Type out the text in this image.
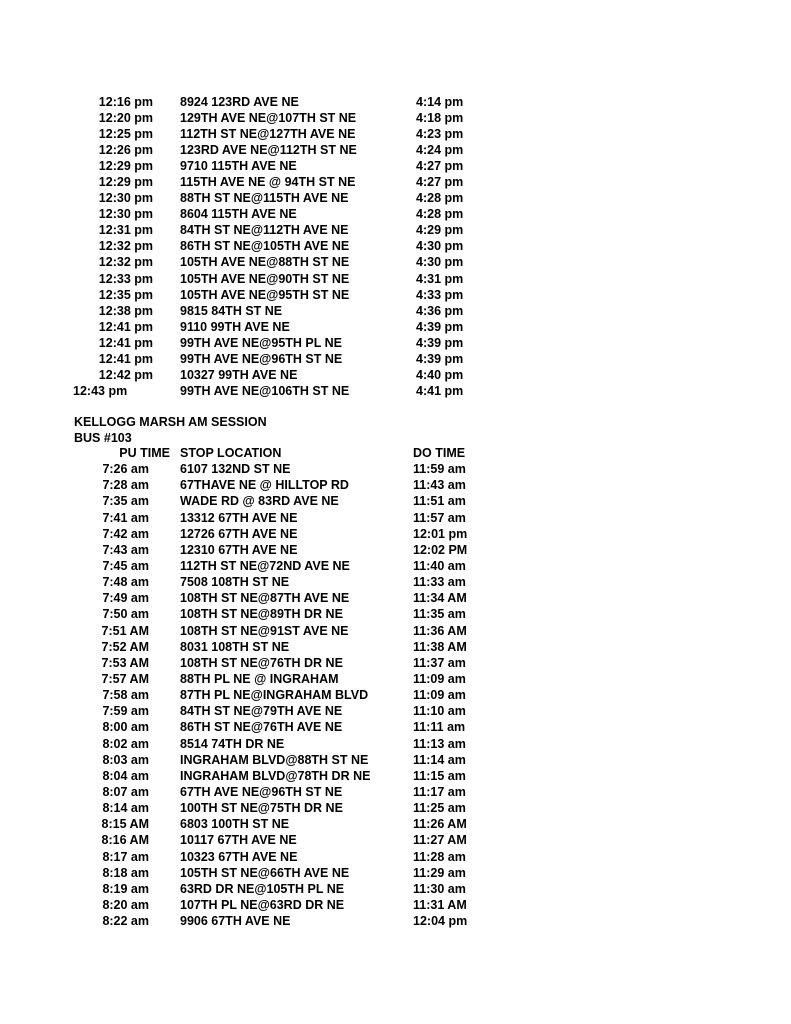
12:16 pm 8924 123RD AVE NE	4:14 pm
12:20 pm 129TH AVE NE@107TH ST NE	4:18 pm
12:25 pm 112TH ST NE@127TH AVE NE	4:23 pm
12:26 pm 123RD AVE NE@112TH ST NE	4:24 pm
12:29 pm 9710 115TH AVE NE	4:27 pm
12:29 pm 115TH AVE NE @ 94TH ST NE	4:27 pm
12:30 pm 88TH ST NE@115TH AVE NE	4:28 pm
12:30 pm 8604 115TH AVE NE	4:28 pm
12:31 pm 84TH ST NE@112TH AVE NE	4:29 pm
12:32 pm 86TH ST NE@105TH AVE NE	4:30 pm
12:32 pm 105TH AVE NE@88TH ST NE	4:30 pm
12:33 pm 105TH AVE NE@90TH ST NE	4:31 pm
12:35 pm 105TH AVE NE@95TH ST NE	4:33 pm
12:38 pm 9815 84TH ST NE	4:36 pm
12:41 pm 9110 99TH AVE NE	4:39 pm
12:41 pm 99TH AVE NE@95TH PL NE	4:39 pm
12:41 pm 99TH AVE NE@96TH ST NE	4:39 pm
12:42 pm 10327 99TH AVE NE	4:40 pm
12:43 pm	99TH AVE NE@106TH ST NE	4:41 pm
KELLOGG MARSH AM SESSION
BUS #103
PU TIME STOP LOCATION	DO TIME
7:26 am 6107 132ND ST NE	11:59 am
7:28 am 67THAVE NE @ HILLTOP RD	11:43 am
7:35 am WADE RD @ 83RD AVE NE	11:51 am
7:41 am 13312 67TH AVE NE	11:57 am
7:42 am 12726 67TH AVE NE	12:01 pm
7:43 am 12310 67TH AVE NE	12:02 PM
7:45 am 112TH ST NE@72ND AVE NE	11:40 am
7:48 am 7508 108TH ST NE	11:33 am
7:49 am 108TH ST NE@87TH AVE NE	11:34 AM
7:50 am 108TH ST NE@89TH DR NE	11:35 am
7:51 AM 108TH ST NE@91ST AVE NE	11:36 AM
7:52 AM 8031 108TH ST NE	11:38 AM
7:53 AM 108TH ST NE@76TH DR NE	11:37 am
7:57 AM 88TH PL NE @ INGRAHAM	11:09 am
7:58 am 87TH PL NE@INGRAHAM BLVD	11:09 am
7:59 am 84TH ST NE@79TH AVE NE	11:10 am
8:00 am 86TH ST NE@76TH AVE NE	11:11 am
8:02 am 8514 74TH DR NE	11:13 am
8:03 am INGRAHAM BLVD@88TH ST NE	11:14 am
8:04 am INGRAHAM BLVD@78TH DR NE	11:15 am
8:07 am 67TH AVE NE@96TH ST NE	11:17 am
8:14 am 100TH ST NE@75TH DR NE	11:25 am
8:15 AM 6803 100TH ST NE	11:26 AM
8:16 AM 10117 67TH AVE NE	11:27 AM
8:17 am 10323 67TH AVE NE	11:28 am
8:18 am 105TH ST NE@66TH AVE NE	11:29 am
8:19 am 63RD DR NE@105TH PL NE	11:30 am
8:20 am 107TH PL NE@63RD DR NE	11:31 AM
8:22 am 9906 67TH AVE NE	12:04 pm
